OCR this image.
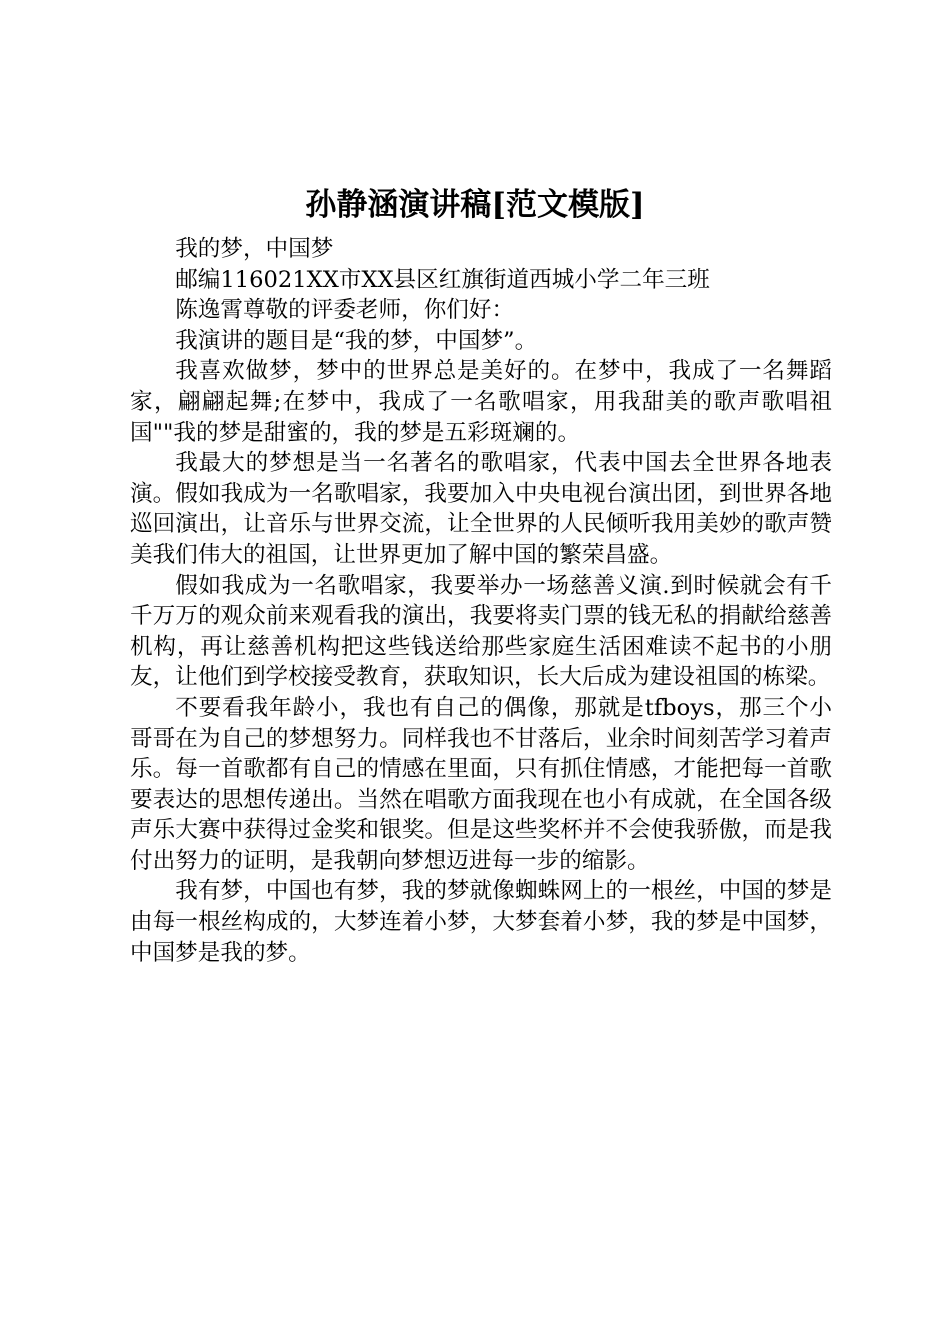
孙静涵演讲稿[范文模版]

我的梦，中国梦

邮编116021XX市XX县区红旗街道西城小学二年三班

陈逸霄尊敬的评委老师，你们好：

我演讲的题目是“我的梦，中国梦”。

我喜欢做梦，梦中的世界总是美好的。在梦中，我成了一名舞蹈家，翩翩起舞;在梦中，我成了一名歌唱家，用我甜美的歌声歌唱祖国""我的梦是甜蜜的，我的梦是五彩斑斓的。

我最大的梦想是当一名著名的歌唱家，代表中国去全世界各地表演。假如我成为一名歌唱家，我要加入中央电视台演出团，到世界各地巡回演出，让音乐与世界交流，让全世界的人民倾听我用美妙的歌声赞美我们伟大的祖国，让世界更加了解中国的繁荣昌盛。

假如我成为一名歌唱家，我要举办一场慈善义演.到时候就会有千千万万的观众前来观看我的演出，我要将卖门票的钱无私的捐献给慈善机构，再让慈善机构把这些钱送给那些家庭生活困难读不起书的小朋友，让他们到学校接受教育，获取知识，长大后成为建设祖国的栋梁。

不要看我年龄小，我也有自己的偶像，那就是tfboys，那三个小哥哥在为自己的梦想努力。同样我也不甘落后，业余时间刻苦学习着声乐。每一首歌都有自己的情感在里面，只有抓住情感，才能把每一首歌要表达的思想传递出。当然在唱歌方面我现在也小有成就，在全国各级声乐大赛中获得过金奖和银奖。但是这些奖杯并不会使我骄傲，而是我付出努力的证明，是我朝向梦想迈进每一步的缩影。

我有梦，中国也有梦，我的梦就像蜘蛛网上的一根丝，中国的梦是由每一根丝构成的，大梦连着小梦，大梦套着小梦，我的梦是中国梦，中国梦是我的梦。
